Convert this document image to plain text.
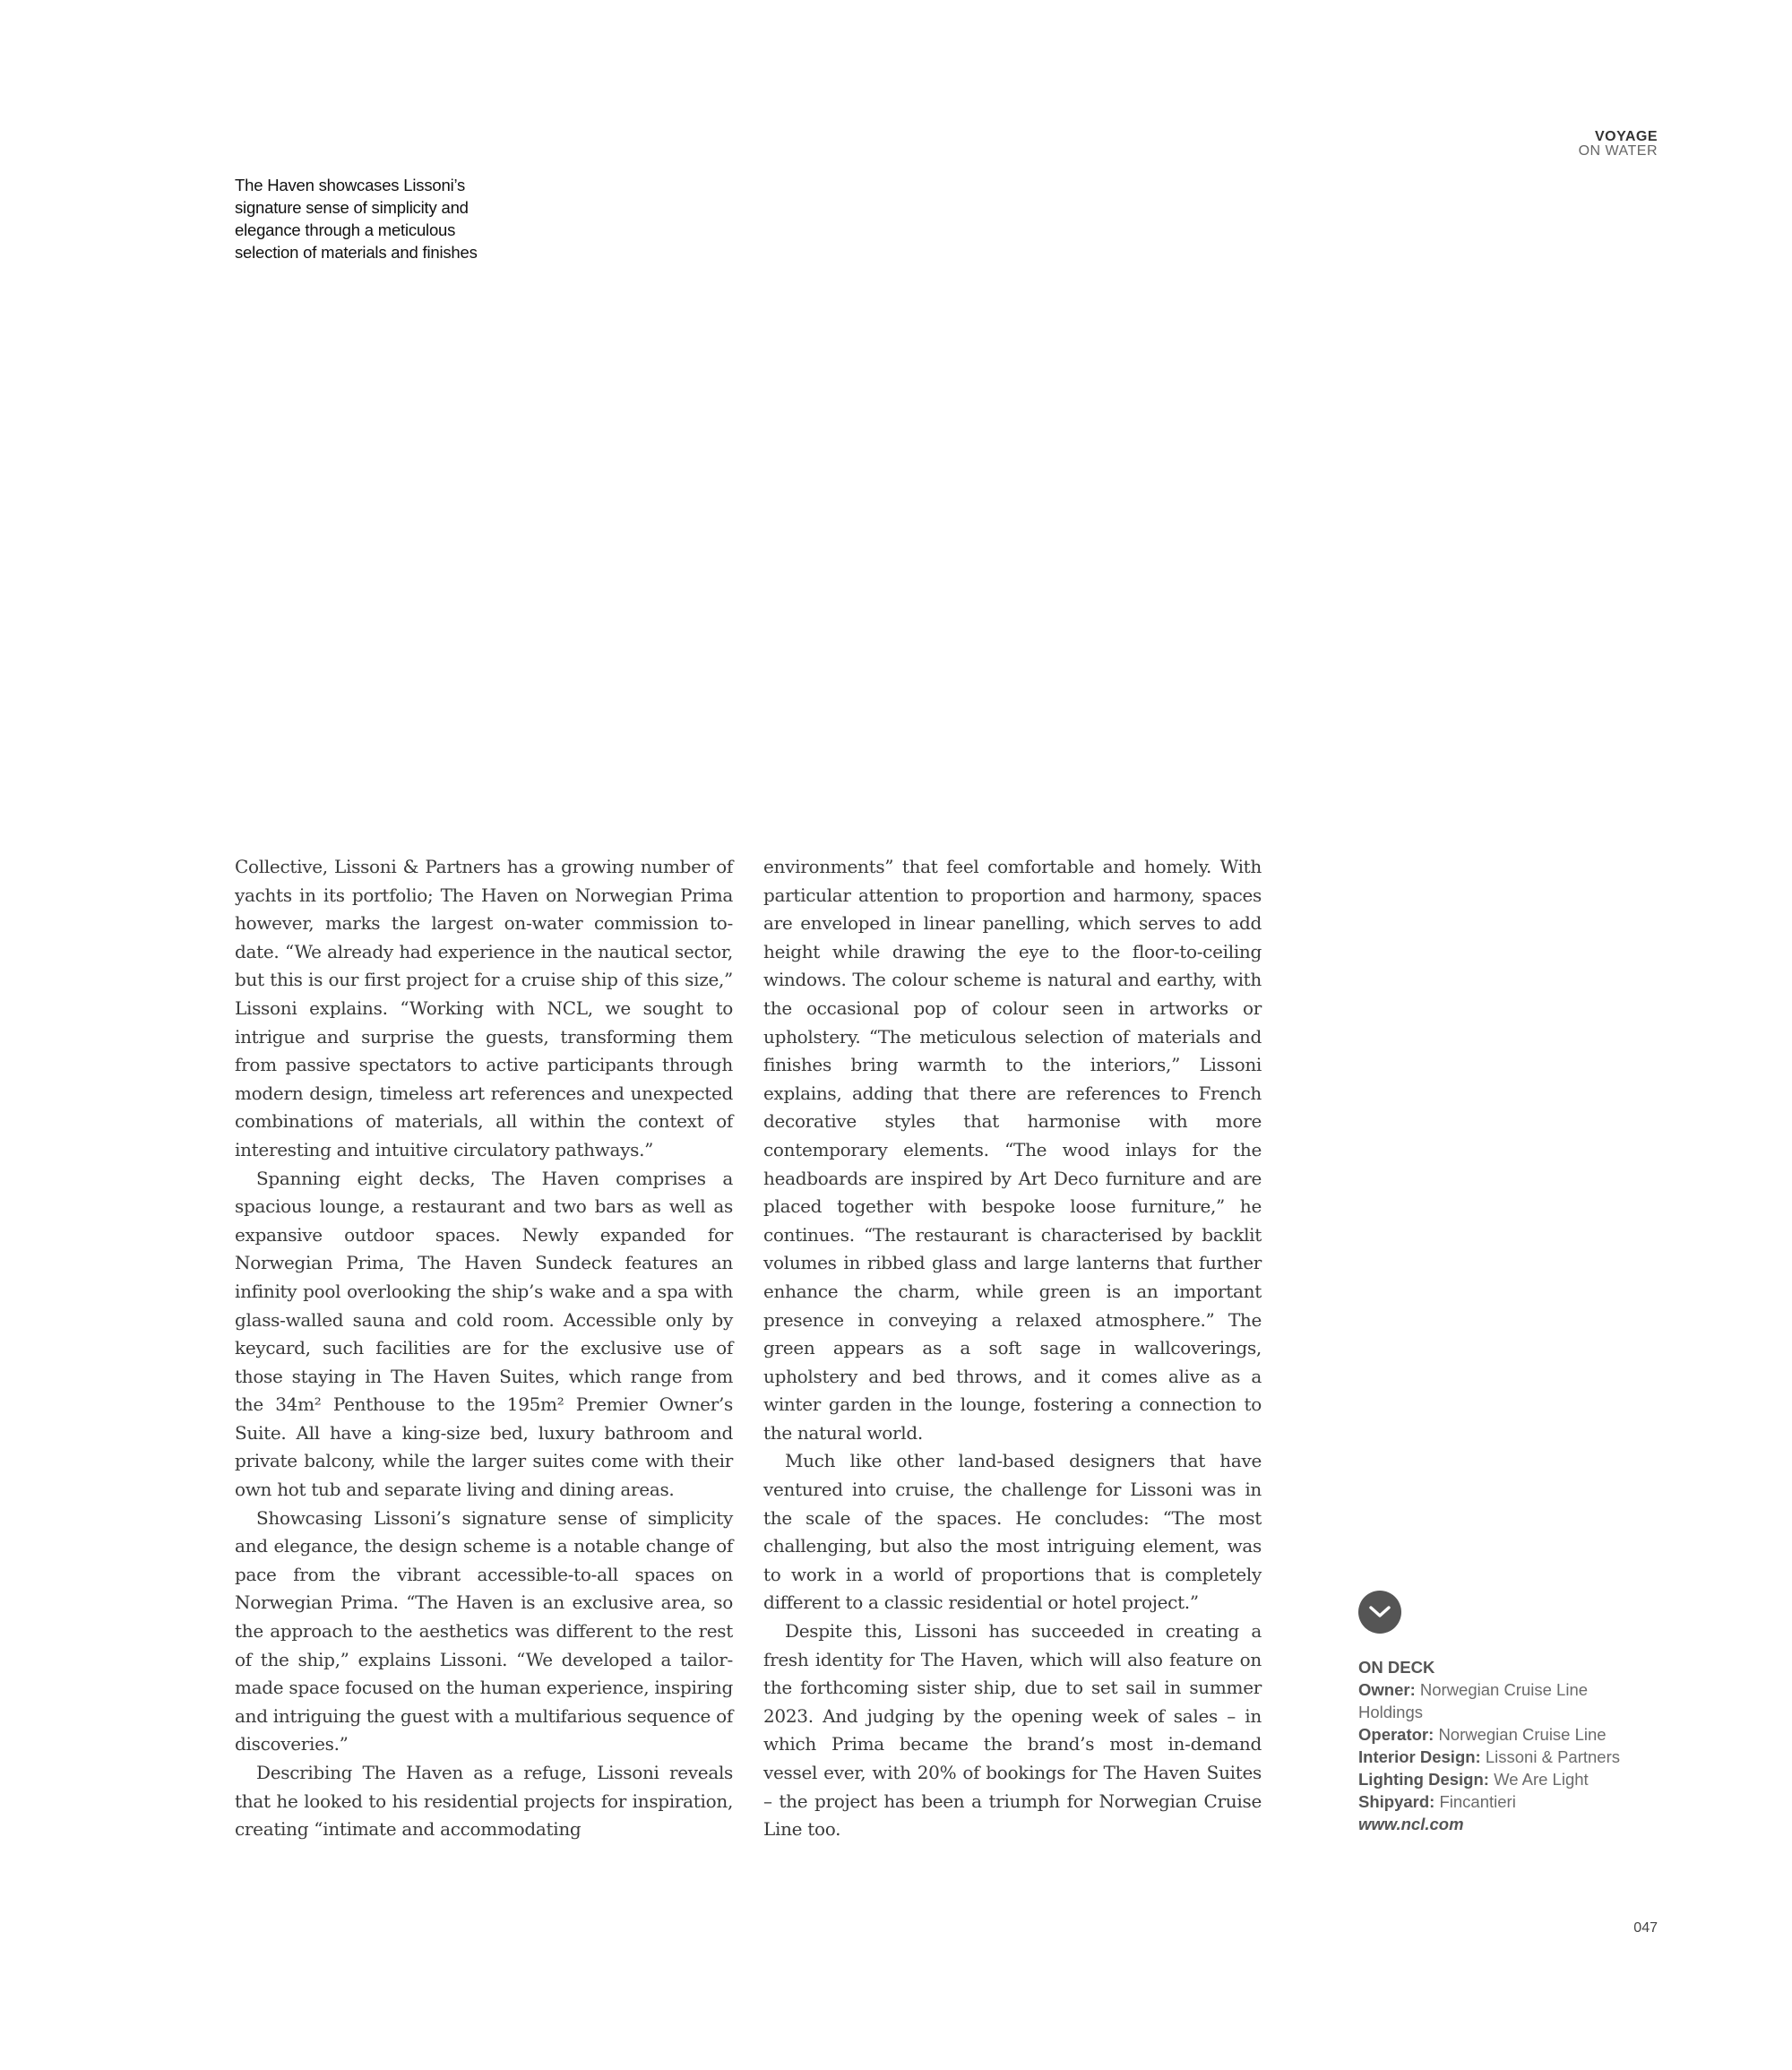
VOYAGE
ON WATER
The Haven showcases Lissoni’s signature sense of simplicity and elegance through a meticulous selection of materials and finishes

Collective, Lissoni & Partners has a growing number of yachts in its portfolio; The Haven on Norwegian Prima however, marks the largest on-water commission to-date. “We already had experience in the nautical sector, but this is our first project for a cruise ship of this size,” Lissoni explains. “Working with NCL, we sought to intrigue and surprise the guests, transforming them from passive spectators to active participants through modern design, timeless art references and unexpected combinations of materials, all within the context of interesting and intuitive circulatory pathways.”

Spanning eight decks, The Haven comprises a spacious lounge, a restaurant and two bars as well as expansive outdoor spaces. Newly expanded for Norwegian Prima, The Haven Sundeck features an infinity pool overlooking the ship’s wake and a spa with glass-walled sauna and cold room. Accessible only by keycard, such facilities are for the exclusive use of those staying in The Haven Suites, which range from the 34m² Penthouse to the 195m² Premier Owner’s Suite. All have a king-size bed, luxury bathroom and private balcony, while the larger suites come with their own hot tub and separate living and dining areas.

Showcasing Lissoni’s signature sense of simplicity and elegance, the design scheme is a notable change of pace from the vibrant accessible-to-all spaces on Norwegian Prima. “The Haven is an exclusive area, so the approach to the aesthetics was different to the rest of the ship,” explains Lissoni. “We developed a tailor-made space focused on the human experience, inspiring and intriguing the guest with a multifarious sequence of discoveries.”

Describing The Haven as a refuge, Lissoni reveals that he looked to his residential projects for inspiration, creating “intimate and accommodating

environments” that feel comfortable and homely. With particular attention to proportion and harmony, spaces are enveloped in linear panelling, which serves to add height while drawing the eye to the floor-to-ceiling windows. The colour scheme is natural and earthy, with the occasional pop of colour seen in artworks or upholstery. “The meticulous selection of materials and finishes bring warmth to the interiors,” Lissoni explains, adding that there are references to French decorative styles that harmonise with more contemporary elements. “The wood inlays for the headboards are inspired by Art Deco furniture and are placed together with bespoke loose furniture,” he continues. “The restaurant is characterised by backlit volumes in ribbed glass and large lanterns that further enhance the charm, while green is an important presence in conveying a relaxed atmosphere.” The green appears as a soft sage in wallcoverings, upholstery and bed throws, and it comes alive as a winter garden in the lounge, fostering a connection to the natural world.

Much like other land-based designers that have ventured into cruise, the challenge for Lissoni was in the scale of the spaces. He concludes: “The most challenging, but also the most intriguing element, was to work in a world of proportions that is completely different to a classic residential or hotel project.”

Despite this, Lissoni has succeeded in creating a fresh identity for The Haven, which will also feature on the forthcoming sister ship, due to set sail in summer 2023. And judging by the opening week of sales – in which Prima became the brand’s most in-demand vessel ever, with 20% of bookings for The Haven Suites – the project has been a triumph for Norwegian Cruise Line too.

ON DECK
Owner: Norwegian Cruise Line Holdings
Operator: Norwegian Cruise Line
Interior Design: Lissoni & Partners
Lighting Design: We Are Light
Shipyard: Fincantieri
www.ncl.com
047
